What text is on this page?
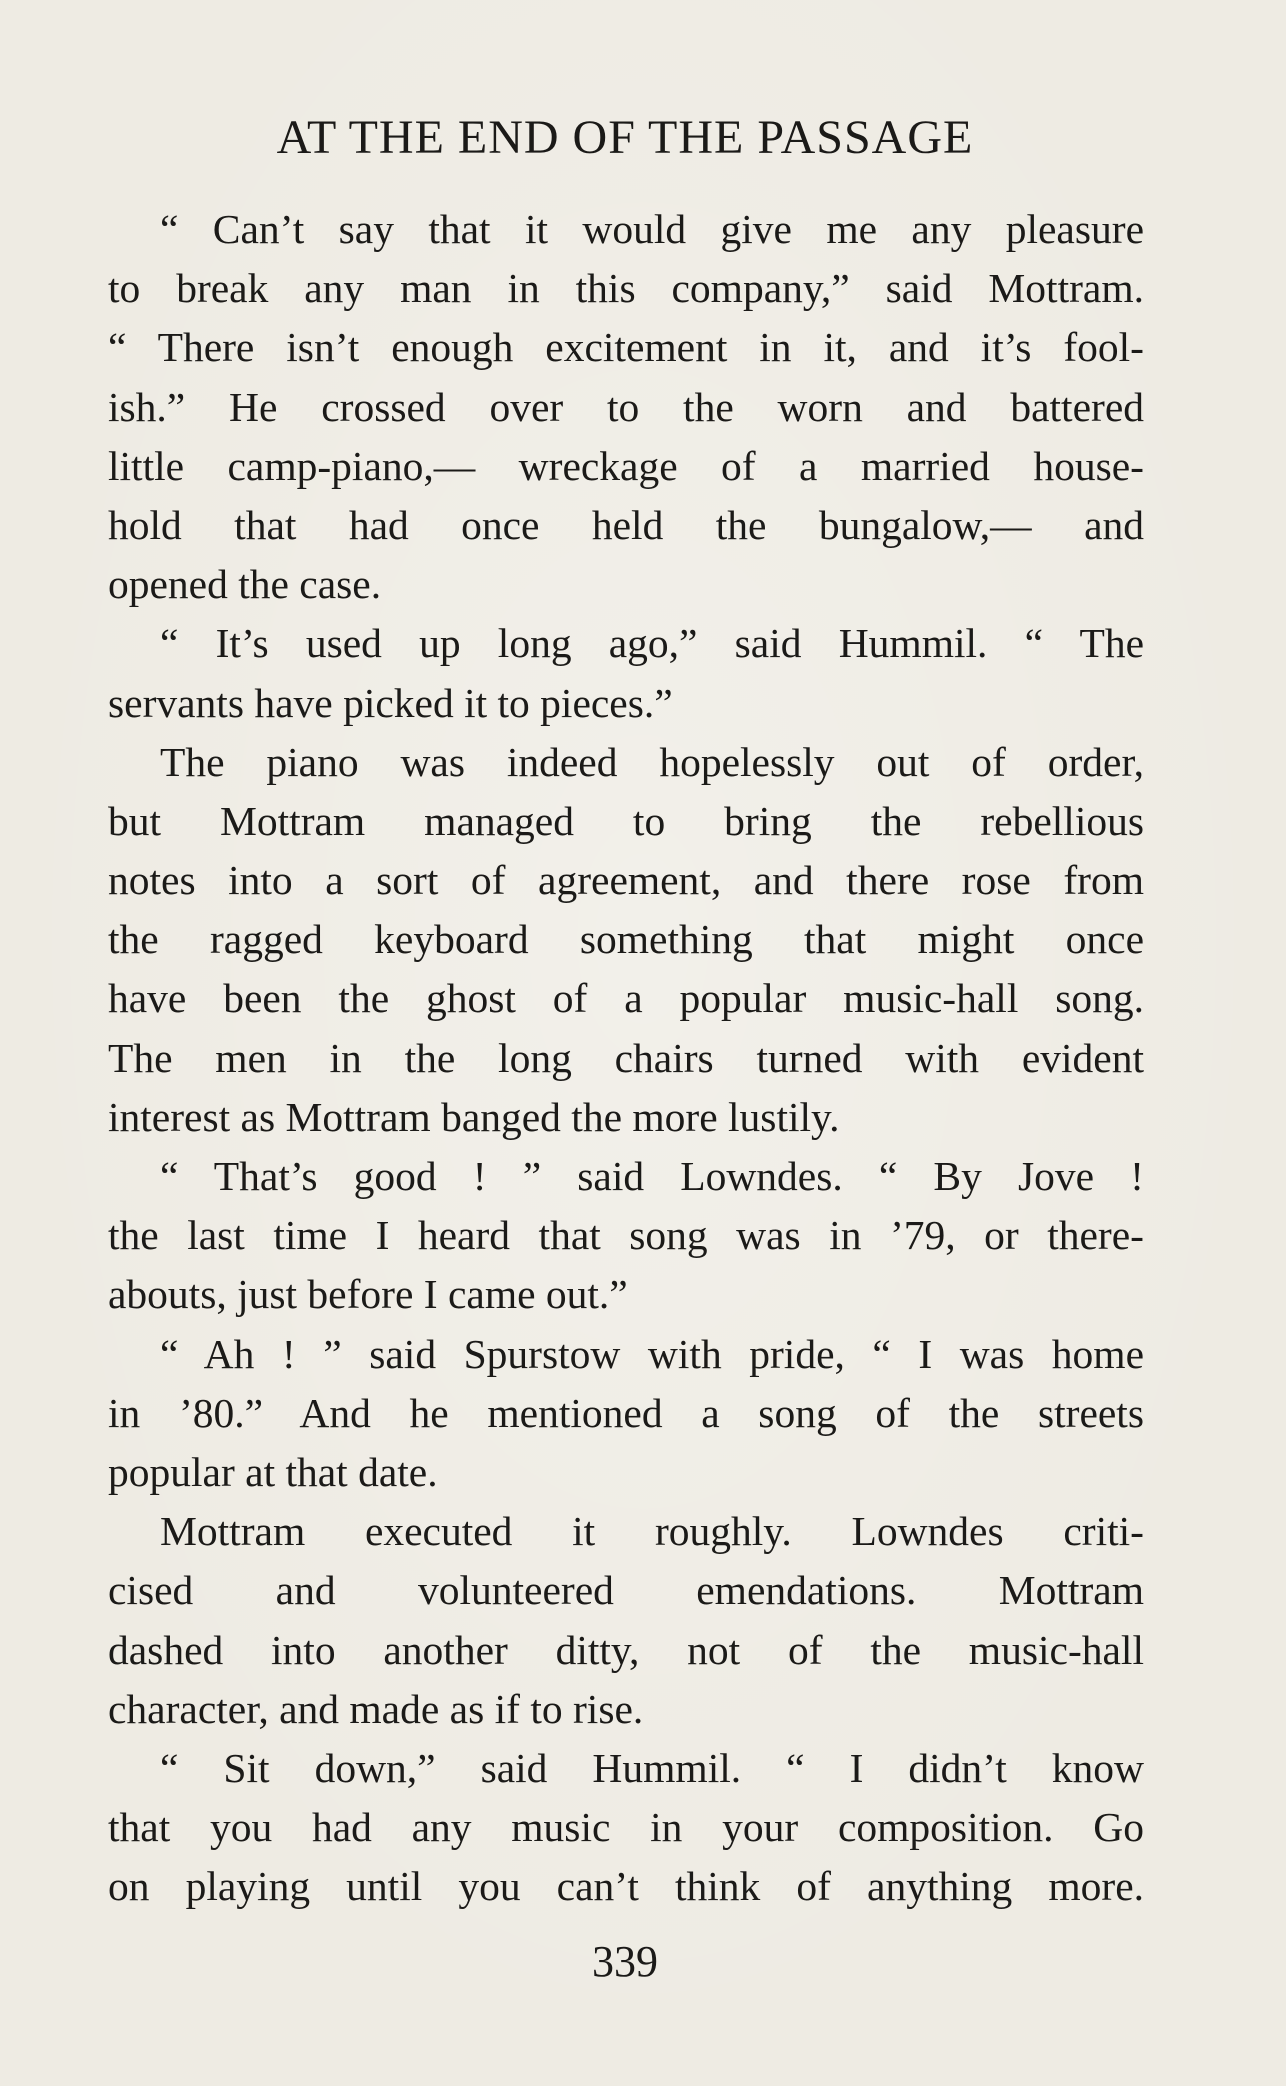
AT THE END OF THE PASSAGE
“ Can’t say that it would give me any pleasure
to break any man in this company,” said Mottram.
“ There isn’t enough excitement in it, and it’s fool-
ish.” He crossed over to the worn and battered
little camp-piano,— wreckage of a married house-
hold that had once held the bungalow,— and
opened the case.
“ It’s used up long ago,” said Hummil. “ The
servants have picked it to pieces.”
The piano was indeed hopelessly out of order,
but Mottram managed to bring the rebellious
notes into a sort of agreement, and there rose from
the ragged keyboard something that might once
have been the ghost of a popular music-hall song.
The men in the long chairs turned with evident
interest as Mottram banged the more lustily.
“ That’s good ! ” said Lowndes. “ By Jove !
the last time I heard that song was in ’79, or there-
abouts, just before I came out.”
“ Ah ! ” said Spurstow with pride, “ I was home
in ’80.” And he mentioned a song of the streets
popular at that date.
Mottram executed it roughly. Lowndes criti-
cised and volunteered emendations. Mottram
dashed into another ditty, not of the music-hall
character, and made as if to rise.
“ Sit down,” said Hummil. “ I didn’t know
that you had any music in your composition. Go
on playing until you can’t think of anything more.
339
